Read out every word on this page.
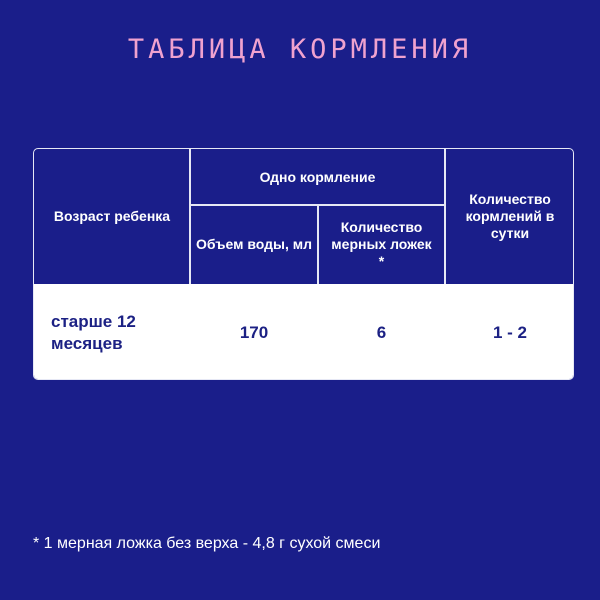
ТАБЛИЦА КОРМЛЕНИЯ
Возраст ребенка
Одно кормление
Объем воды, мл
Количество мерных ложек *
Количество кормлений в сутки
старше 12 месяцев
170	6	1 - 2
* 1 мерная ложка без верха - 4,8 г сухой смеси
